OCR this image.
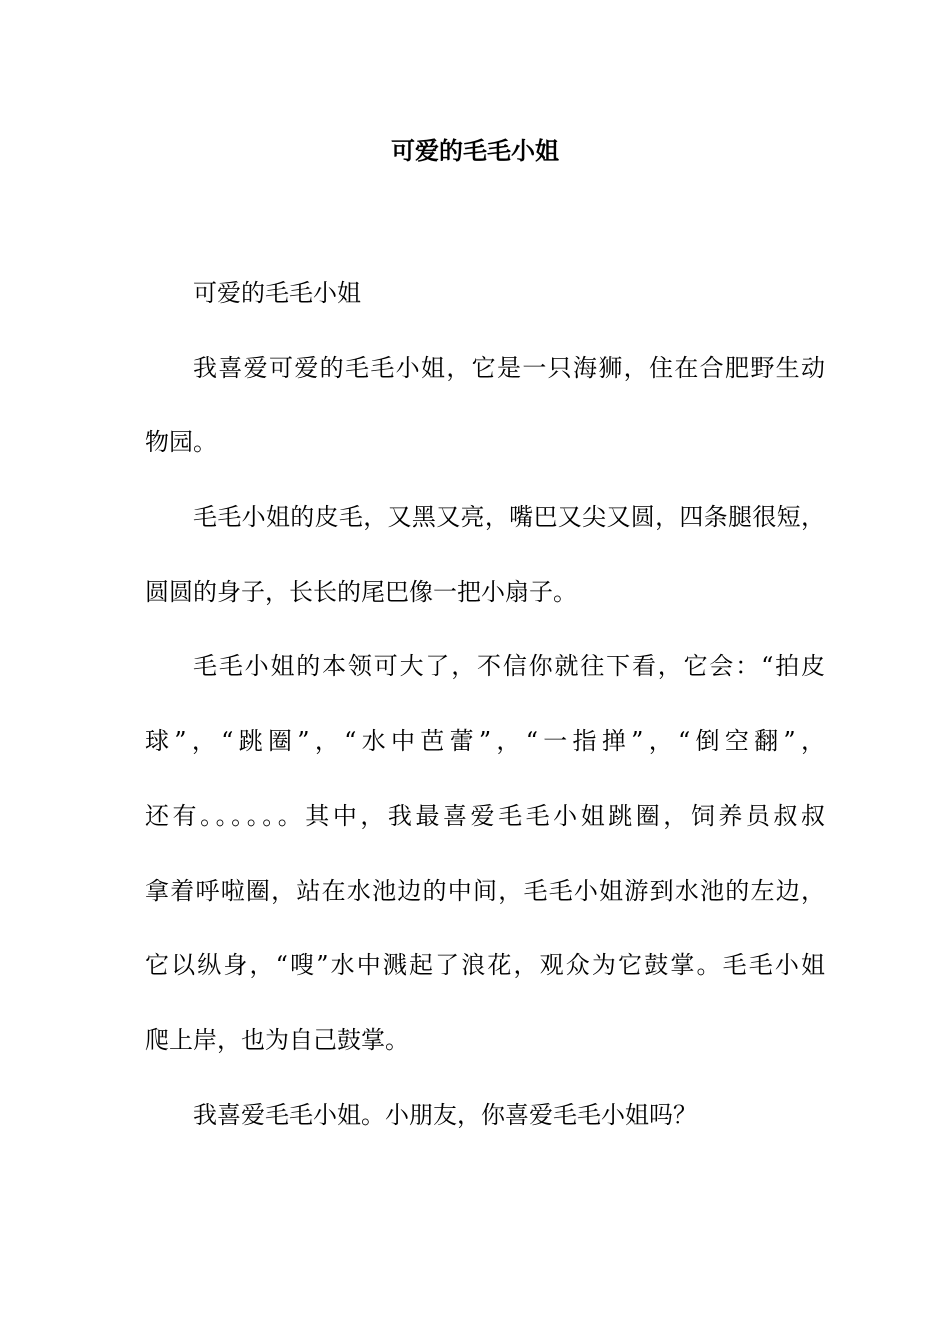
可爱的毛毛小姐
可爱的毛毛小姐
我喜爱可爱的毛毛小姐，它是一只海狮，住在合肥野生动
物园。
毛毛小姐的皮毛，又黑又亮，嘴巴又尖又圆，四条腿很短，
圆圆的身子，长长的尾巴像一把小扇子。
毛毛小姐的本领可大了，不信你就往下看，它会：“拍皮
球”，“跳圈”，“水中芭蕾”，“一指掸”，“倒空翻”，
还有。。。。。。其中，我最喜爱毛毛小姐跳圈，饲养员叔叔
拿着呼啦圈，站在水池边的中间，毛毛小姐游到水池的左边，
它以纵身，“嗖”水中溅起了浪花，观众为它鼓掌。毛毛小姐
爬上岸，也为自己鼓掌。
我喜爱毛毛小姐。小朋友，你喜爱毛毛小姐吗？
